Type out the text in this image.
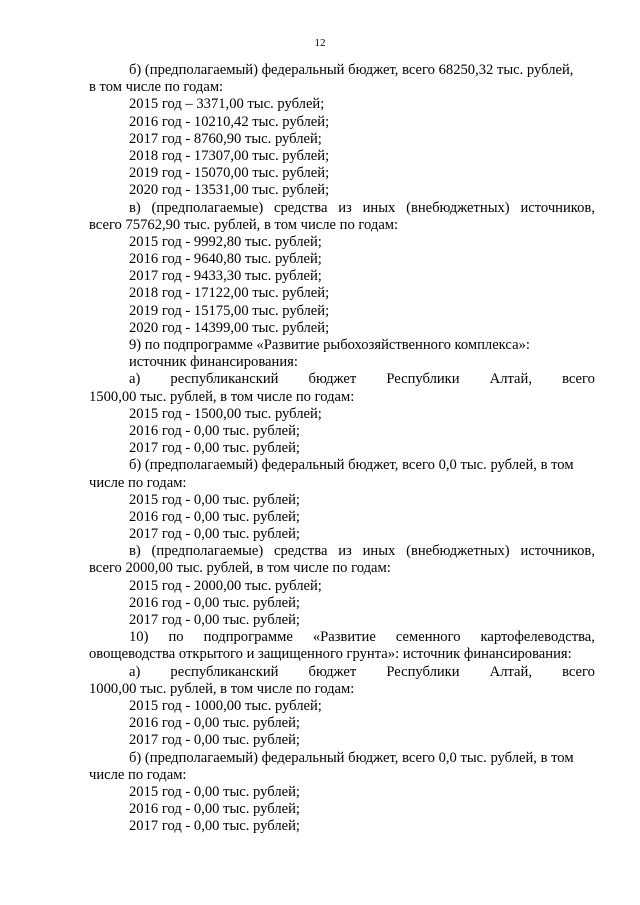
12
б) (предполагаемый) федеральный бюджет, всего 68250,32 тыс. рублей,
в том числе по годам:
2015 год – 3371,00 тыс. рублей;
2016 год - 10210,42 тыс. рублей;
2017 год - 8760,90 тыс. рублей;
2018 год - 17307,00 тыс. рублей;
2019 год - 15070,00 тыс. рублей;
2020 год - 13531,00 тыс. рублей;
в) (предполагаемые) средства из иных (внебюджетных) источников,
всего 75762,90 тыс. рублей, в том числе по годам:
2015 год - 9992,80 тыс. рублей;
2016 год - 9640,80 тыс. рублей;
2017 год - 9433,30 тыс. рублей;
2018 год - 17122,00 тыс. рублей;
2019 год - 15175,00 тыс. рублей;
2020 год - 14399,00 тыс. рублей;
9) по подпрограмме «Развитие рыбохозяйственного комплекса»:
источник финансирования:
а) республиканский бюджет Республики Алтай, всего
1500,00 тыс. рублей, в том числе по годам:
2015 год - 1500,00 тыс. рублей;
2016 год - 0,00 тыс. рублей;
2017 год - 0,00 тыс. рублей;
б) (предполагаемый) федеральный бюджет, всего 0,0 тыс. рублей, в том
числе по годам:
2015 год - 0,00 тыс. рублей;
2016 год - 0,00 тыс. рублей;
2017 год - 0,00 тыс. рублей;
в) (предполагаемые) средства из иных (внебюджетных) источников,
всего 2000,00 тыс. рублей, в том числе по годам:
2015 год - 2000,00 тыс. рублей;
2016 год - 0,00 тыс. рублей;
2017 год - 0,00 тыс. рублей;
10) по подпрограмме «Развитие семенного картофелеводства,
овощеводства открытого и защищенного грунта»: источник финансирования:
а) республиканский бюджет Республики Алтай, всего
1000,00 тыс. рублей, в том числе по годам:
2015 год - 1000,00 тыс. рублей;
2016 год - 0,00 тыс. рублей;
2017 год - 0,00 тыс. рублей;
б) (предполагаемый) федеральный бюджет, всего 0,0 тыс. рублей, в том
числе по годам:
2015 год - 0,00 тыс. рублей;
2016 год - 0,00 тыс. рублей;
2017 год - 0,00 тыс. рублей;
